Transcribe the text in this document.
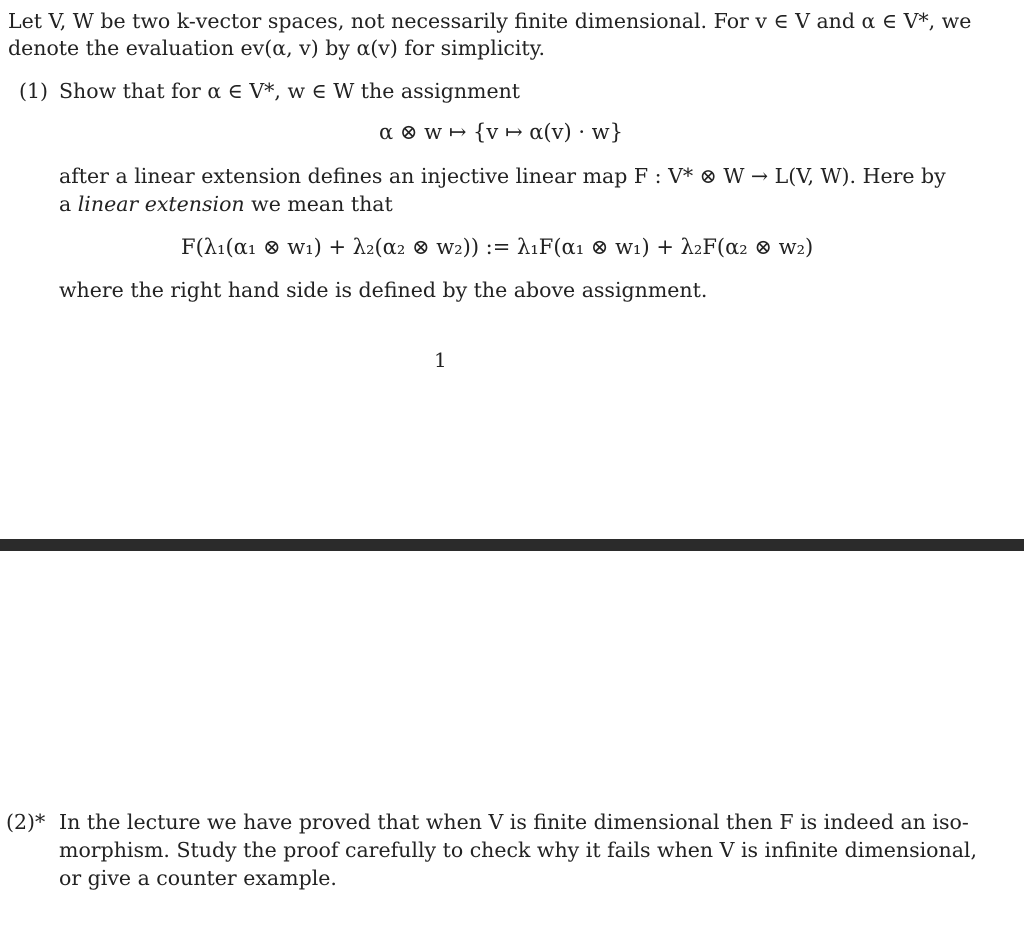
Let V, W be two k-vector spaces, not necessarily finite dimensional. For v ∈ V and α ∈ V*, we
denote the evaluation ev(α, v) by α(v) for simplicity.
(1) Show that for α ∈ V*, w ∈ W the assignment
α ⊗ w ↦ {v ↦ α(v) · w}
after a linear extension defines an injective linear map F : V* ⊗ W → L(V, W). Here by
a linear extension we mean that
F(λ₁(α₁ ⊗ w₁) + λ₂(α₂ ⊗ w₂)) := λ₁F(α₁ ⊗ w₁) + λ₂F(α₂ ⊗ w₂)
where the right hand side is defined by the above assignment.
1
(2)* In the lecture we have proved that when V is finite dimensional then F is indeed an iso-
morphism. Study the proof carefully to check why it fails when V is infinite dimensional,
or give a counter example.
